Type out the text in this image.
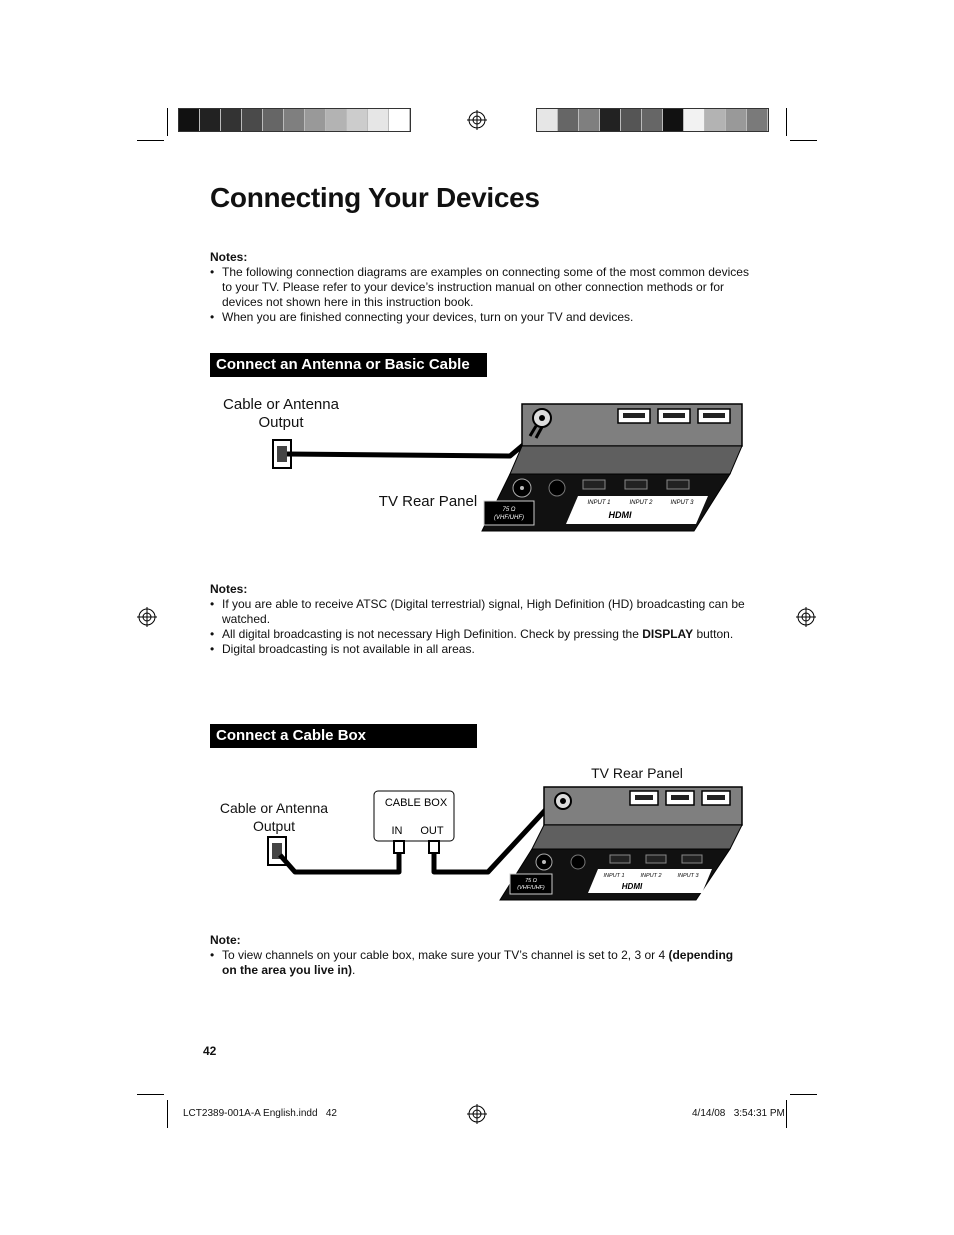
Connecting Your Devices
Notes:
• The following connection diagrams are examples on connecting some of the most common devices to your TV. Please refer to your device’s instruction manual on other connection methods or for devices not shown here in this instruction book.
• When you are finished connecting your devices, turn on your TV and devices.
Connect an Antenna or Basic Cable
Cable or Antenna
Output
TV Rear Panel	75 Ω
(VHF/UHF)
INPUT 1	INPUT 2	INPUT 3
HDMI
Notes:
• If you are able to receive ATSC (Digital terrestrial) signal, High Definition (HD) broadcasting can be watched.
• All digital broadcasting is not necessary High Definition. Check by pressing the DISPLAY button.
• Digital broadcasting is not available in all areas.
Connect a Cable Box
TV Rear Panel
Cable or Antenna
Output
CABLE BOX
IN OUT
75 Ω
(VHF/UHF)
INPUT 1	INPUT 2	INPUT 3
HDMI
Note:
• To view channels on your cable box, make sure your TV’s channel is set to 2, 3 or 4 (depending on the area you live in).
42
LCT2389-001A-A English.indd   42	4/14/08   3:54:31 PM
